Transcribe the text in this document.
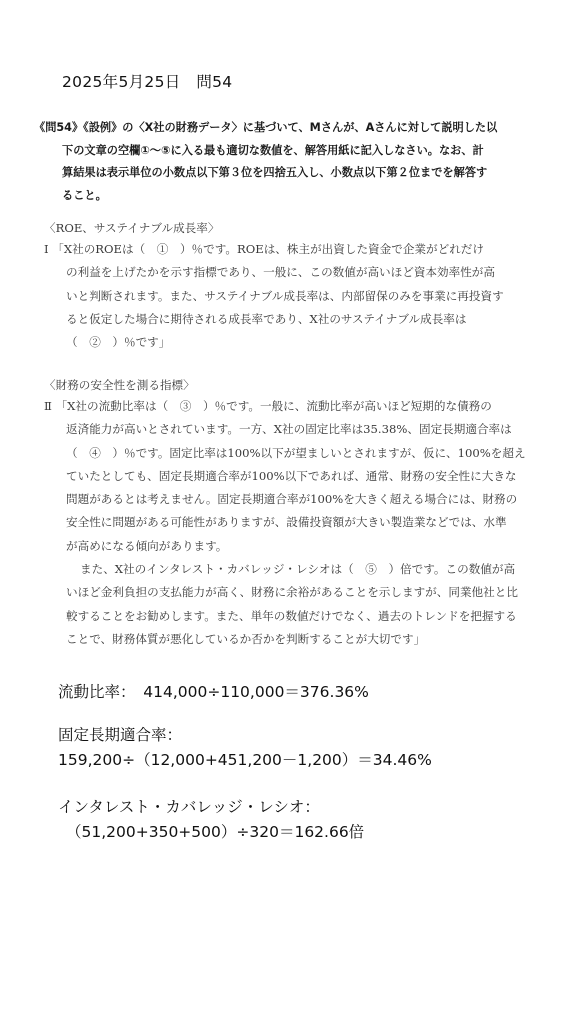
2025年5月25日　 問54
《問54》《設例》の〈X社の財務データ〉に基づいて、Mさんが、Aさんに対して説明した以
下の文章の空欄①～⑤に入る最も適切な数値を、解答用紙に記入しなさい。なお、計
算結果は表示単位の小数点以下第３位を四捨五入し、小数点以下第２位までを解答す
ること。
〈ROE、サステイナブル成長率〉
Ⅰ 「X社のROEは（　①　）％です。ROEは、株主が出資した資金で企業がどれだけ
の利益を上げたかを示す指標であり、一般に、この数値が高いほど資本効率性が高
いと判断されます。また、サステイナブル成長率は、内部留保のみを事業に再投資す
ると仮定した場合に期待される成長率であり、X社のサステイナブル成長率は
（　②　）％です」
〈財務の安全性を測る指標〉
Ⅱ 「X社の流動比率は（　③　）％です。一般に、流動比率が高いほど短期的な債務の
返済能力が高いとされています。一方、X社の固定比率は35.38%、固定長期適合率は
（　④　）％です。固定比率は100%以下が望ましいとされますが、仮に、100%を超え
ていたとしても、固定長期適合率が100%以下であれば、通常、財務の安全性に大きな
問題があるとは考えません。固定長期適合率が100%を大きく超える場合には、財務の
安全性に問題がある可能性がありますが、設備投資額が大きい製造業などでは、水準
が高めになる傾向があります。
また、X社のインタレスト・カバレッジ・レシオは（　⑤　）倍です。この数値が高
いほど金利負担の支払能力が高く、財務に余裕があることを示しますが、同業他社と比
較することをお勧めします。また、単年の数値だけでなく、過去のトレンドを把握する
ことで、財務体質が悪化しているか否かを判断することが大切です」
流動比率：　414,000÷110,000＝376.36%
固定長期適合率：
159,200÷（12,000+451,200－1,200）＝34.46%
インタレスト・カバレッジ・レシオ：
（51,200+350+500）÷320＝162.66倍
